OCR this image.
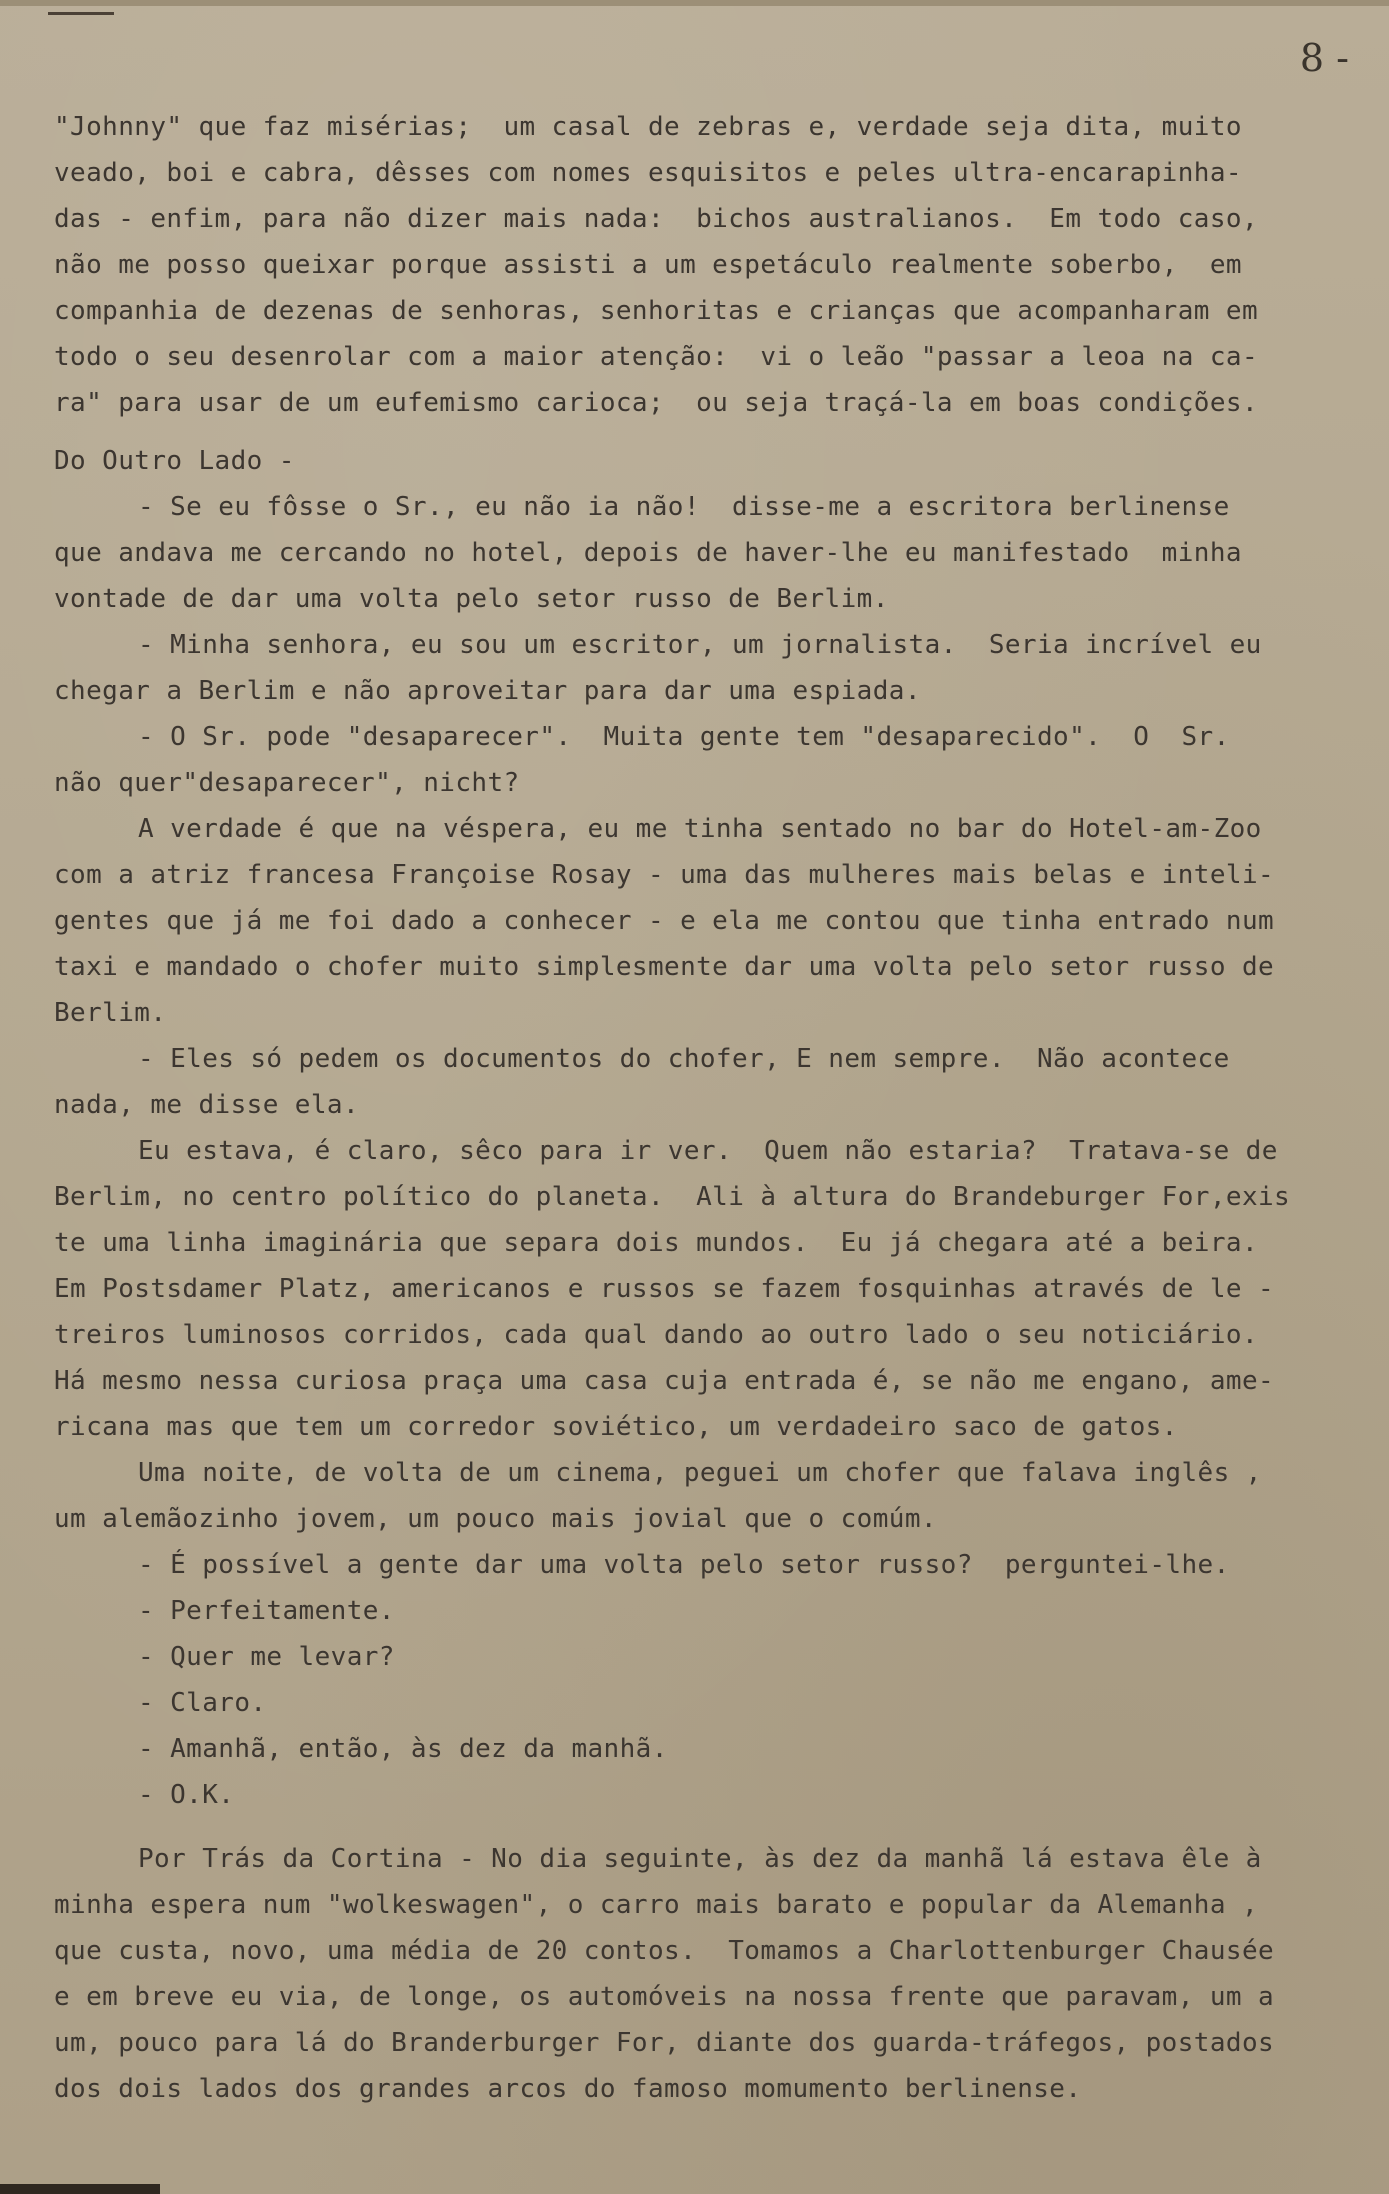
8 -
"Johnny" que faz misérias;  um casal de zebras e, verdade seja dita, muito
veado, boi e cabra, dêsses com nomes esquisitos e peles ultra-encarapinha-
das - enfim, para não dizer mais nada:  bichos australianos.  Em todo caso,
não me posso queixar porque assisti a um espetáculo realmente soberbo,  em
companhia de dezenas de senhoras, senhoritas e crianças que acompanharam em
todo o seu desenrolar com a maior atenção:  vi o leão "passar a leoa na ca-
ra" para usar de um eufemismo carioca;  ou seja traçá-la em boas condições.
Do Outro Lado -
- Se eu fôsse o Sr., eu não ia não!  disse-me a escritora berlinense
que andava me cercando no hotel, depois de haver-lhe eu manifestado  minha
vontade de dar uma volta pelo setor russo de Berlim.
- Minha senhora, eu sou um escritor, um jornalista.  Seria incrível eu
chegar a Berlim e não aproveitar para dar uma espiada.
- O Sr. pode "desaparecer".  Muita gente tem "desaparecido".  O  Sr.
não quer"desaparecer", nicht?
A verdade é que na véspera, eu me tinha sentado no bar do Hotel-am-Zoo
com a atriz francesa Françoise Rosay - uma das mulheres mais belas e inteli-
gentes que já me foi dado a conhecer - e ela me contou que tinha entrado num
taxi e mandado o chofer muito simplesmente dar uma volta pelo setor russo de
Berlim.
- Eles só pedem os documentos do chofer, E nem sempre.  Não acontece
nada, me disse ela.
Eu estava, é claro, sêco para ir ver.  Quem não estaria?  Tratava-se de
Berlim, no centro político do planeta.  Ali à altura do Brandeburger For,exis
te uma linha imaginária que separa dois mundos.  Eu já chegara até a beira.
Em Postsdamer Platz, americanos e russos se fazem fosquinhas através de le -
treiros luminosos corridos, cada qual dando ao outro lado o seu noticiário.
Há mesmo nessa curiosa praça uma casa cuja entrada é, se não me engano, ame-
ricana mas que tem um corredor soviético, um verdadeiro saco de gatos.
Uma noite, de volta de um cinema, peguei um chofer que falava inglês ,
um alemãozinho jovem, um pouco mais jovial que o comúm.
- É possível a gente dar uma volta pelo setor russo?  perguntei-lhe.
- Perfeitamente.
- Quer me levar?
- Claro.
- Amanhã, então, às dez da manhã.
- O.K.
Por Trás da Cortina - No dia seguinte, às dez da manhã lá estava êle à
minha espera num "wolkeswagen", o carro mais barato e popular da Alemanha ,
que custa, novo, uma média de 20 contos.  Tomamos a Charlottenburger Chausée
e em breve eu via, de longe, os automóveis na nossa frente que paravam, um a
um, pouco para lá do Branderburger For, diante dos guarda-tráfegos, postados
dos dois lados dos grandes arcos do famoso momumento berlinense.
